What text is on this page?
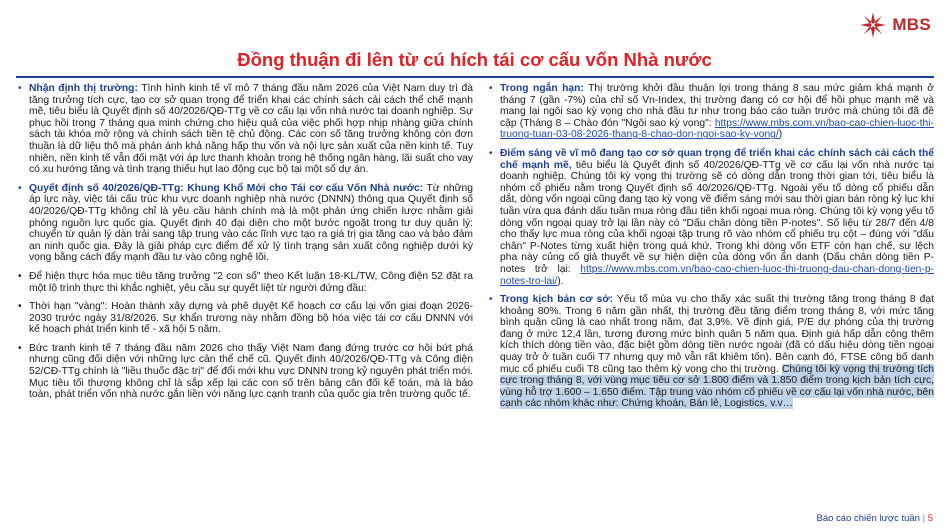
MBS
Đồng thuận đi lên từ cú hích tái cơ cấu vốn Nhà nước
• Nhận định thị trường: Tình hình kinh tế vĩ mô 7 tháng đầu năm 2026 của Việt Nam duy trì đà tăng trưởng tích cực, tạo cơ sở quan trọng để triển khai các chính sách cải cách thể chế mạnh mẽ, tiêu biểu là Quyết định số 40/2026/QĐ-TTg về cơ cấu lại vốn nhà nước tại doanh nghiệp. Sự phục hồi trong 7 tháng qua minh chứng cho hiệu quả của việc phối hợp nhịp nhàng giữa chính sách tài khóa mở rộng và chính sách tiền tệ chủ động. Các con số tăng trưởng không còn đơn thuần là dữ liệu thô mà phản ánh khả năng hấp thụ vốn và nội lực sản xuất của nền kinh tế. Tuy nhiên, nền kinh tế vẫn đối mặt với áp lực thanh khoản trong hệ thống ngân hàng, lãi suất cho vay có xu hướng tăng và tình trạng thiếu hụt lao động cục bộ tại một số dự án.
• Quyết định số 40/2026/QĐ-TTg: Khung Khổ Mới cho Tái cơ cấu Vốn Nhà nước: Từ những áp lực này, việc tái cấu trúc khu vực doanh nghiệp nhà nước (DNNN) thông qua Quyết định số 40/2026/QĐ-TTg không chỉ là yêu cầu hành chính mà là một phản ứng chiến lược nhằm giải phóng nguồn lực quốc gia. Quyết định 40 đại diện cho một bước ngoặt trong tư duy quản lý: chuyển từ quản lý dàn trải sang tập trung vào các lĩnh vực tạo ra giá trị gia tăng cao và bảo đảm an ninh quốc gia. Đây là giải pháp cực điểm để xử lý tình trạng sản xuất công nghiệp dưới kỳ vọng bằng cách đẩy mạnh đầu tư vào công nghệ lõi.
• Để hiện thực hóa mục tiêu tăng trưởng "2 con số" theo Kết luận 18-KL/TW, Công điện 52 đặt ra một lộ trình thực thi khắc nghiệt, yêu cầu sự quyết liệt từ người đứng đầu:
• Thời hạn "vàng": Hoàn thành xây dựng và phê duyệt Kế hoạch cơ cấu lại vốn giai đoạn 2026-2030 trước ngày 31/8/2026. Sự khẩn trương này nhằm đồng bộ hóa việc tái cơ cấu DNNN với kế hoạch phát triển kinh tế - xã hội 5 năm.
• Bức tranh kinh tế 7 tháng đầu năm 2026 cho thấy Việt Nam đang đứng trước cơ hội bứt phá nhưng cũng đối diện với những lực cản thể chế cũ. Quyết định 40/2026/QĐ-TTg và Công điện 52/CĐ-TTg chính là "liều thuốc đặc trị" để đổi mới khu vực DNNN trong kỷ nguyên phát triển mới. Mục tiêu tối thượng không chỉ là sắp xếp lại các con số trên bảng cân đối kế toán, mà là bảo toàn, phát triển vốn nhà nước gắn liền với năng lực cạnh tranh của quốc gia trên trường quốc tế.
• Trong ngắn hạn: Thị trường khởi đầu thuận lợi trong tháng 8 sau mức giảm khá mạnh ở tháng 7 (gần -7%) của chỉ số Vn-Index, thị trường đang có cơ hội để hồi phục mạnh mẽ và mang lại ngôi sao kỳ vọng cho nhà đầu tư như trong báo cáo tuần trước mà chúng tôi đã đề cập (Tháng 8 – Chào đón "Ngôi sao kỳ vọng": https://www.mbs.com.vn/bao-cao-chien-luoc-thi-truong-tuan-03-08-2026-thang-8-chao-don-ngoi-sao-ky-vong/)
• Điểm sáng về vĩ mô đang tạo cơ sở quan trọng để triển khai các chính sách cải cách thể chế mạnh mẽ, tiêu biểu là Quyết định số 40/2026/QĐ-TTg về cơ cấu lại vốn nhà nước tại doanh nghiệp. Chúng tôi kỳ vọng thị trường sẽ có dòng dẫn trong thời gian tới, tiêu biểu là nhóm cổ phiếu nằm trong Quyết định số 40/2026/QĐ-TTg. Ngoài yếu tố dòng cổ phiếu dẫn dắt, dòng vốn ngoại cũng đang tạo kỳ vọng về điểm sáng mới sau thời gian bán ròng kỷ lục khi tuần vừa qua đánh dấu tuần mua ròng đầu tiên khối ngoại mua ròng. Chúng tôi kỳ vọng yếu tố dòng vốn ngoại quay trở lại lần này có "Dấu chân dòng tiền P-notes". Số liệu từ 28/7 đến 4/8 cho thấy lực mua ròng của khối ngoại tập trung rõ vào nhóm cổ phiếu trụ cột – đúng với "dấu chân" P-Notes từng xuất hiện trong quá khứ. Trong khi dòng vốn ETF còn hạn chế, sự lệch pha này củng cố giả thuyết về sự hiện diện của dòng vốn ẩn danh (Dấu chân dòng tiền P-notes trở lại: https://www.mbs.com.vn/bao-cao-chien-luoc-thi-truong-dau-chan-dong-tien-p-notes-tro-lai/).
• Trong kịch bản cơ sở: Yếu tố mùa vụ cho thấy xác suất thị trường tăng trong tháng 8 đạt khoảng 80%. Trong 6 năm gần nhất, thị trường đều tăng điểm trong tháng 8, với mức tăng bình quân cũng là cao nhất trong năm, đạt 3,9%. Về định giá, P/E dự phóng của thị trường đang ở mức 12,4 lần, tương đương mức bình quân 5 năm qua. Định giá hấp dẫn cộng thêm kích thích dòng tiền vào, đặc biệt gồm dòng tiền nước ngoài (đã có dấu hiệu dòng tiền ngoại quay trở ở tuần cuối T7 nhưng quy mô vẫn rất khiêm tốn). Bên cạnh đó, FTSE công bố danh mục cổ phiếu cuối T8 cũng tạo thêm kỳ vọng cho thị trường. Chúng tôi kỳ vọng thị trường tích cực trong tháng 8, với vùng mục tiêu cơ sở 1.800 điểm và 1.850 điểm trong kịch bản tích cực, vùng hỗ trợ 1.600 – 1.650 điểm. Tập trung vào nhóm cổ phiếu về cơ cấu lại vốn nhà nước, bên cạnh các nhóm khác như: Chứng khoán, Bán lẻ, Logistics, v.v…
Báo cáo chiến lược tuần | 5
